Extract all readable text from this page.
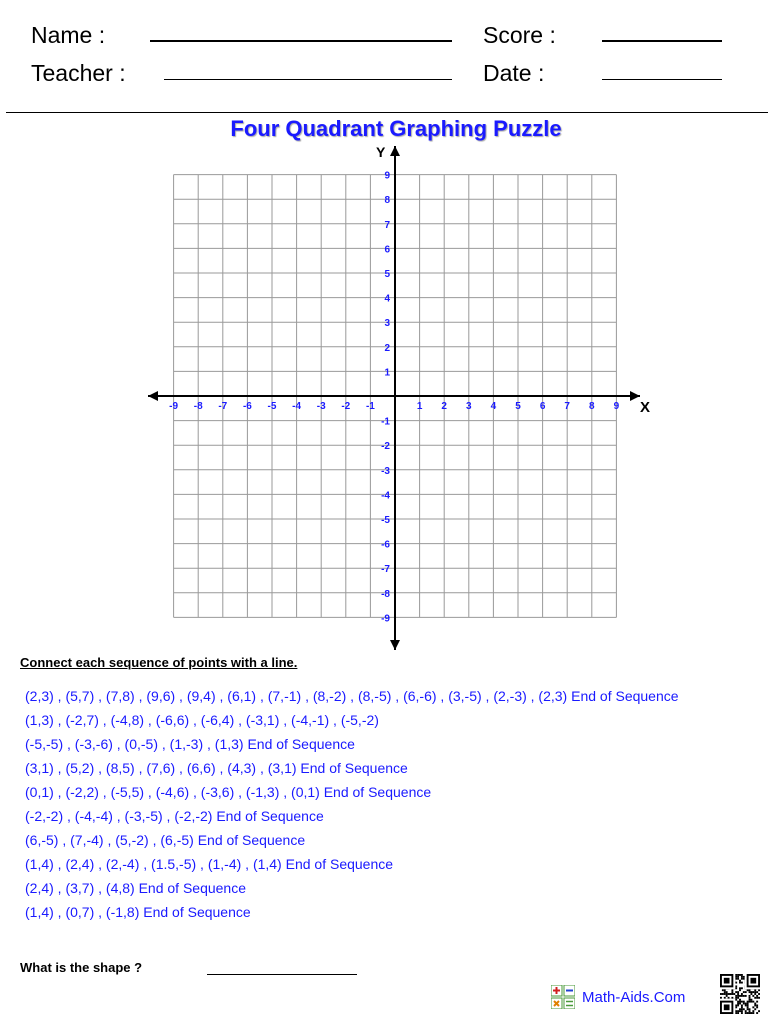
Name :
Teacher :
Score :
Date :
Four Quadrant Graphing Puzzle
-9 -8 -7 -6 -5 -4 -3 -2 -1	1 2 3 4 5 6 7 8 9
9
8
7
6
5
4
3
2
1
-1
-2
-3
-4
-5
-6
-7
-8
-9
X
Y
Connect each sequence of points with a line.
(2,3) , (5,7) , (7,8) , (9,6) , (9,4) , (6,1) , (7,-1) , (8,-2) , (8,-5) , (6,-6) , (3,-5) , (2,-3) , (2,3) End of Sequence
(1,3) , (-2,7) , (-4,8) , (-6,6) , (-6,4) , (-3,1) , (-4,-1) , (-5,-2)
(-5,-5) , (-3,-6) , (0,-5) , (1,-3) , (1,3) End of Sequence
(3,1) , (5,2) , (8,5) , (7,6) , (6,6) , (4,3) , (3,1) End of Sequence
(0,1) , (-2,2) , (-5,5) , (-4,6) , (-3,6) , (-1,3) , (0,1) End of Sequence
(-2,-2) , (-4,-4) , (-3,-5) , (-2,-2) End of Sequence
(6,-5) , (7,-4) , (5,-2) , (6,-5) End of Sequence
(1,4) , (2,4) , (2,-4) , (1.5,-5) , (1,-4) , (1,4) End of Sequence
(2,4) , (3,7) , (4,8) End of Sequence
(1,4) , (0,7) , (-1,8) End of Sequence
What is the shape ?
Math-Aids.Com
